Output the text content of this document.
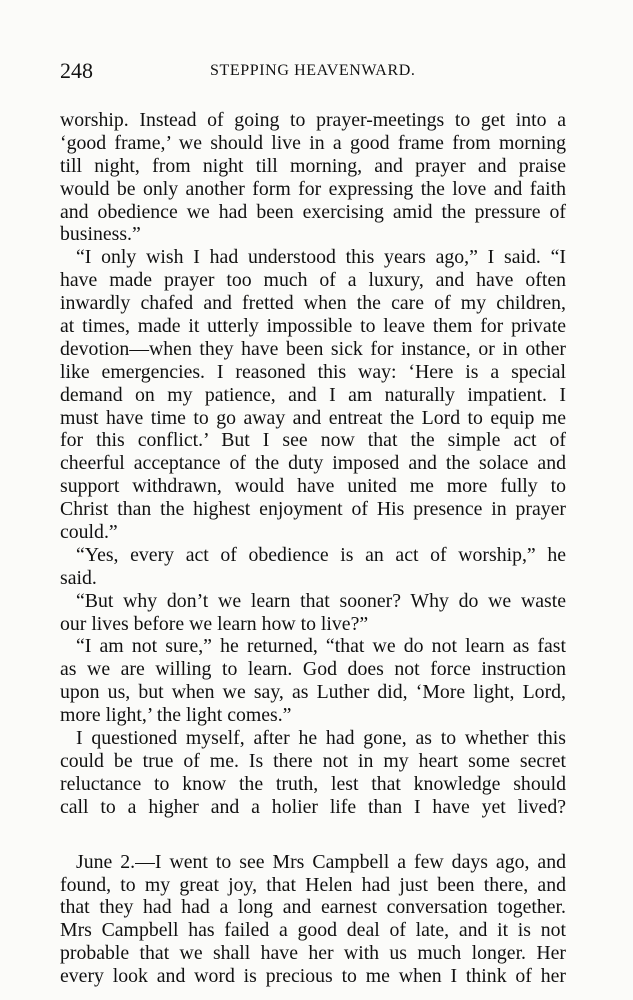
248	STEPPING HEAVENWARD.
worship. Instead of going to prayer-meetings to get into a
‘good frame,’ we should live in a good frame from morning
till night, from night till morning, and prayer and praise
would be only another form for expressing the love and faith
and obedience we had been exercising amid the pressure of
business.”
“I only wish I had understood this years ago,” I said. “I
have made prayer too much of a luxury, and have often
inwardly chafed and fretted when the care of my children,
at times, made it utterly impossible to leave them for private
devotion—when they have been sick for instance, or in other
like emergencies. I reasoned this way: ‘Here is a special
demand on my patience, and I am naturally impatient. I
must have time to go away and entreat the Lord to equip me
for this conflict.’ But I see now that the simple act of
cheerful acceptance of the duty imposed and the solace and
support withdrawn, would have united me more fully to
Christ than the highest enjoyment of His presence in prayer
could.”
“Yes, every act of obedience is an act of worship,” he
said.
“But why don’t we learn that sooner? Why do we waste
our lives before we learn how to live?”
“I am not sure,” he returned, “that we do not learn as fast
as we are willing to learn. God does not force instruction
upon us, but when we say, as Luther did, ‘More light, Lord,
more light,’ the light comes.”
I questioned myself, after he had gone, as to whether this
could be true of me. Is there not in my heart some secret
reluctance to know the truth, lest that knowledge should
call to a higher and a holier life than I have yet lived?
June 2.—I went to see Mrs Campbell a few days ago, and
found, to my great joy, that Helen had just been there, and
that they had had a long and earnest conversation together.
Mrs Campbell has failed a good deal of late, and it is not
probable that we shall have her with us much longer. Her
every look and word is precious to me when I think of her
